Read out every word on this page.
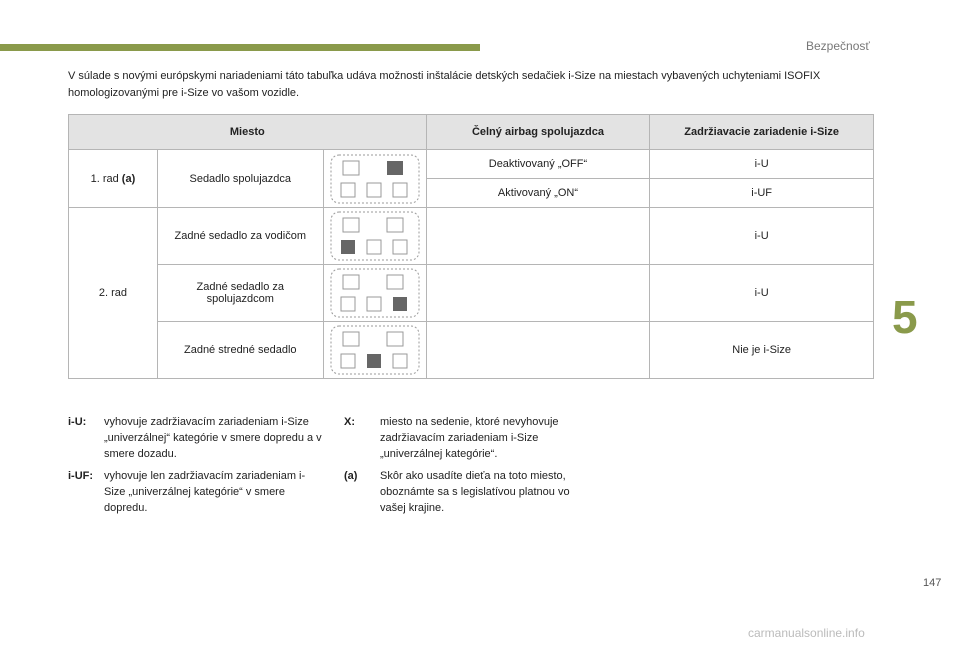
Bezpečnosť
5
V súlade s novými európskymi nariadeniami táto tabuľka udáva možnosti inštalácie detských sedačiek i-Size na miestach vybavených uchyteniami ISOFIX homologizovanými pre i-Size vo vašom vozidle.
Miesto			Čelný airbag spolujazdca	Zadržiavacie zariadenie i-Size
1. rad (a)	Sedadlo spolujazdca		Deaktivovaný „OFF“	i-U
			Aktivovaný „ON“	i-UF
2. rad	Zadné sedadlo za vodičom			i-U
	Zadné sedadlo za spolujazdcom			i-U
	Zadné stredné sedadlo			Nie je i-Size
i-U: vyhovuje zadržiavacím zariadeniam i-Size „univerzálnej“ kategórie v smere dopredu a v smere dozadu.
i-UF: vyhovuje len zadržiavacím zariadeniam i-Size „univerzálnej kategórie“ v smere dopredu.
X: miesto na sedenie, ktoré nevyhovuje zadržiavacím zariadeniam i-Size „univerzálnej kategórie“.
(a) Skôr ako usadíte dieťa na toto miesto, oboznámte sa s legislatívou platnou vo vašej krajine.
147
carmanualsonline.info
